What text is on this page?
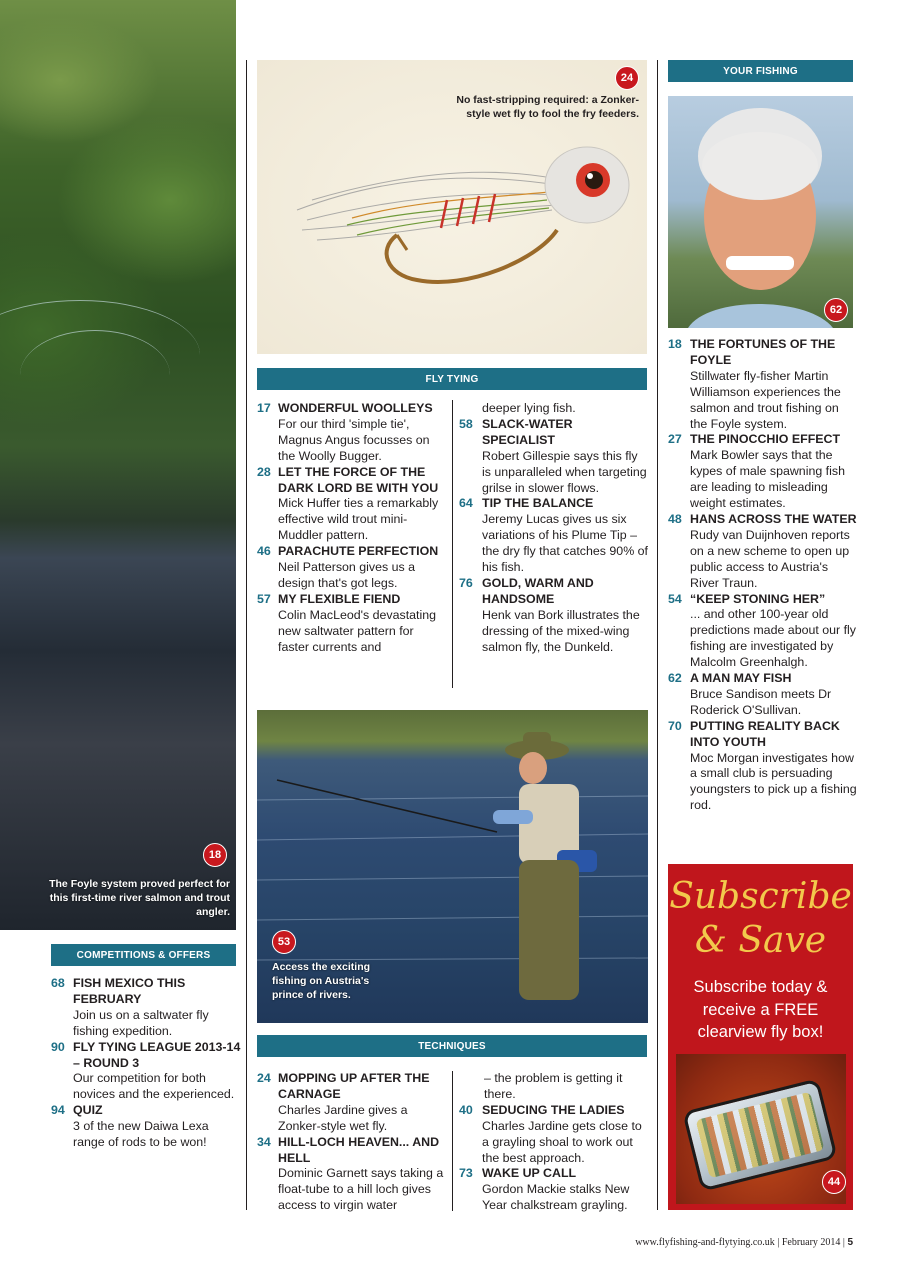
18
The Foyle system proved perfect for this first-time river salmon and trout angler.
COMPETITIONS & OFFERS
68 FISH MEXICO THIS FEBRUARY
Join us on a saltwater fly fishing expedition.
90 FLY TYING LEAGUE 2013-14 – ROUND 3
Our competition for both novices and the experienced.
94 QUIZ
3 of the new Daiwa Lexa range of rods to be won!
24
No fast-stripping required: a Zonker-style wet fly to fool the fry feeders.
FLY TYING
17 WONDERFUL WOOLLEYS
For our third 'simple tie', Magnus Angus focusses on the Woolly Bugger.
28 LET THE FORCE OF THE DARK LORD BE WITH YOU
Mick Huffer ties a remarkably effective wild trout mini-Muddler pattern.
46 PARACHUTE PERFECTION
Neil Patterson gives us a design that's got legs.
57 MY FLEXIBLE FIEND
Colin MacLeod's devastating new saltwater pattern for faster currents and
deeper lying fish.
58 SLACK-WATER SPECIALIST
Robert Gillespie says this fly is unparalleled when targeting grilse in slower flows.
64 TIP THE BALANCE
Jeremy Lucas gives us six variations of his Plume Tip – the dry fly that catches 90% of his fish.
76 GOLD, WARM AND HANDSOME
Henk van Bork illustrates the dressing of the mixed-wing salmon fly, the Dunkeld.
53
Access the exciting fishing on Austria's prince of rivers.
TECHNIQUES
24 MOPPING UP AFTER THE CARNAGE
Charles Jardine gives a Zonker-style wet fly.
34 HILL-LOCH HEAVEN... AND HELL
Dominic Garnett says taking a float-tube to a hill loch gives access to virgin water
– the problem is getting it there.
40 SEDUCING THE LADIES
Charles Jardine gets close to a grayling shoal to work out the best approach.
73 WAKE UP CALL
Gordon Mackie stalks New Year chalkstream grayling.
YOUR FISHING
62
18 THE FORTUNES OF THE FOYLE
Stillwater fly-fisher Martin Williamson experiences the salmon and trout fishing on the Foyle system.
27 THE PINOCCHIO EFFECT
Mark Bowler says that the kypes of male spawning fish are leading to misleading weight estimates.
48 HANS ACROSS THE WATER
Rudy van Duijnhoven reports on a new scheme to open up public access to Austria's River Traun.
54 “KEEP STONING HER”
... and other 100-year old predictions made about our fly fishing are investigated by Malcolm Greenhalgh.
62 A MAN MAY FISH
Bruce Sandison meets Dr Roderick O'Sullivan.
70 PUTTING REALITY BACK INTO YOUTH
Moc Morgan investigates how a small club is persuading youngsters to pick up a fishing rod.
Subscribe
& Save
Subscribe today & receive a FREE clearview fly box!
44
www.flyfishing-and-flytying.co.uk | February 2014 | 5
